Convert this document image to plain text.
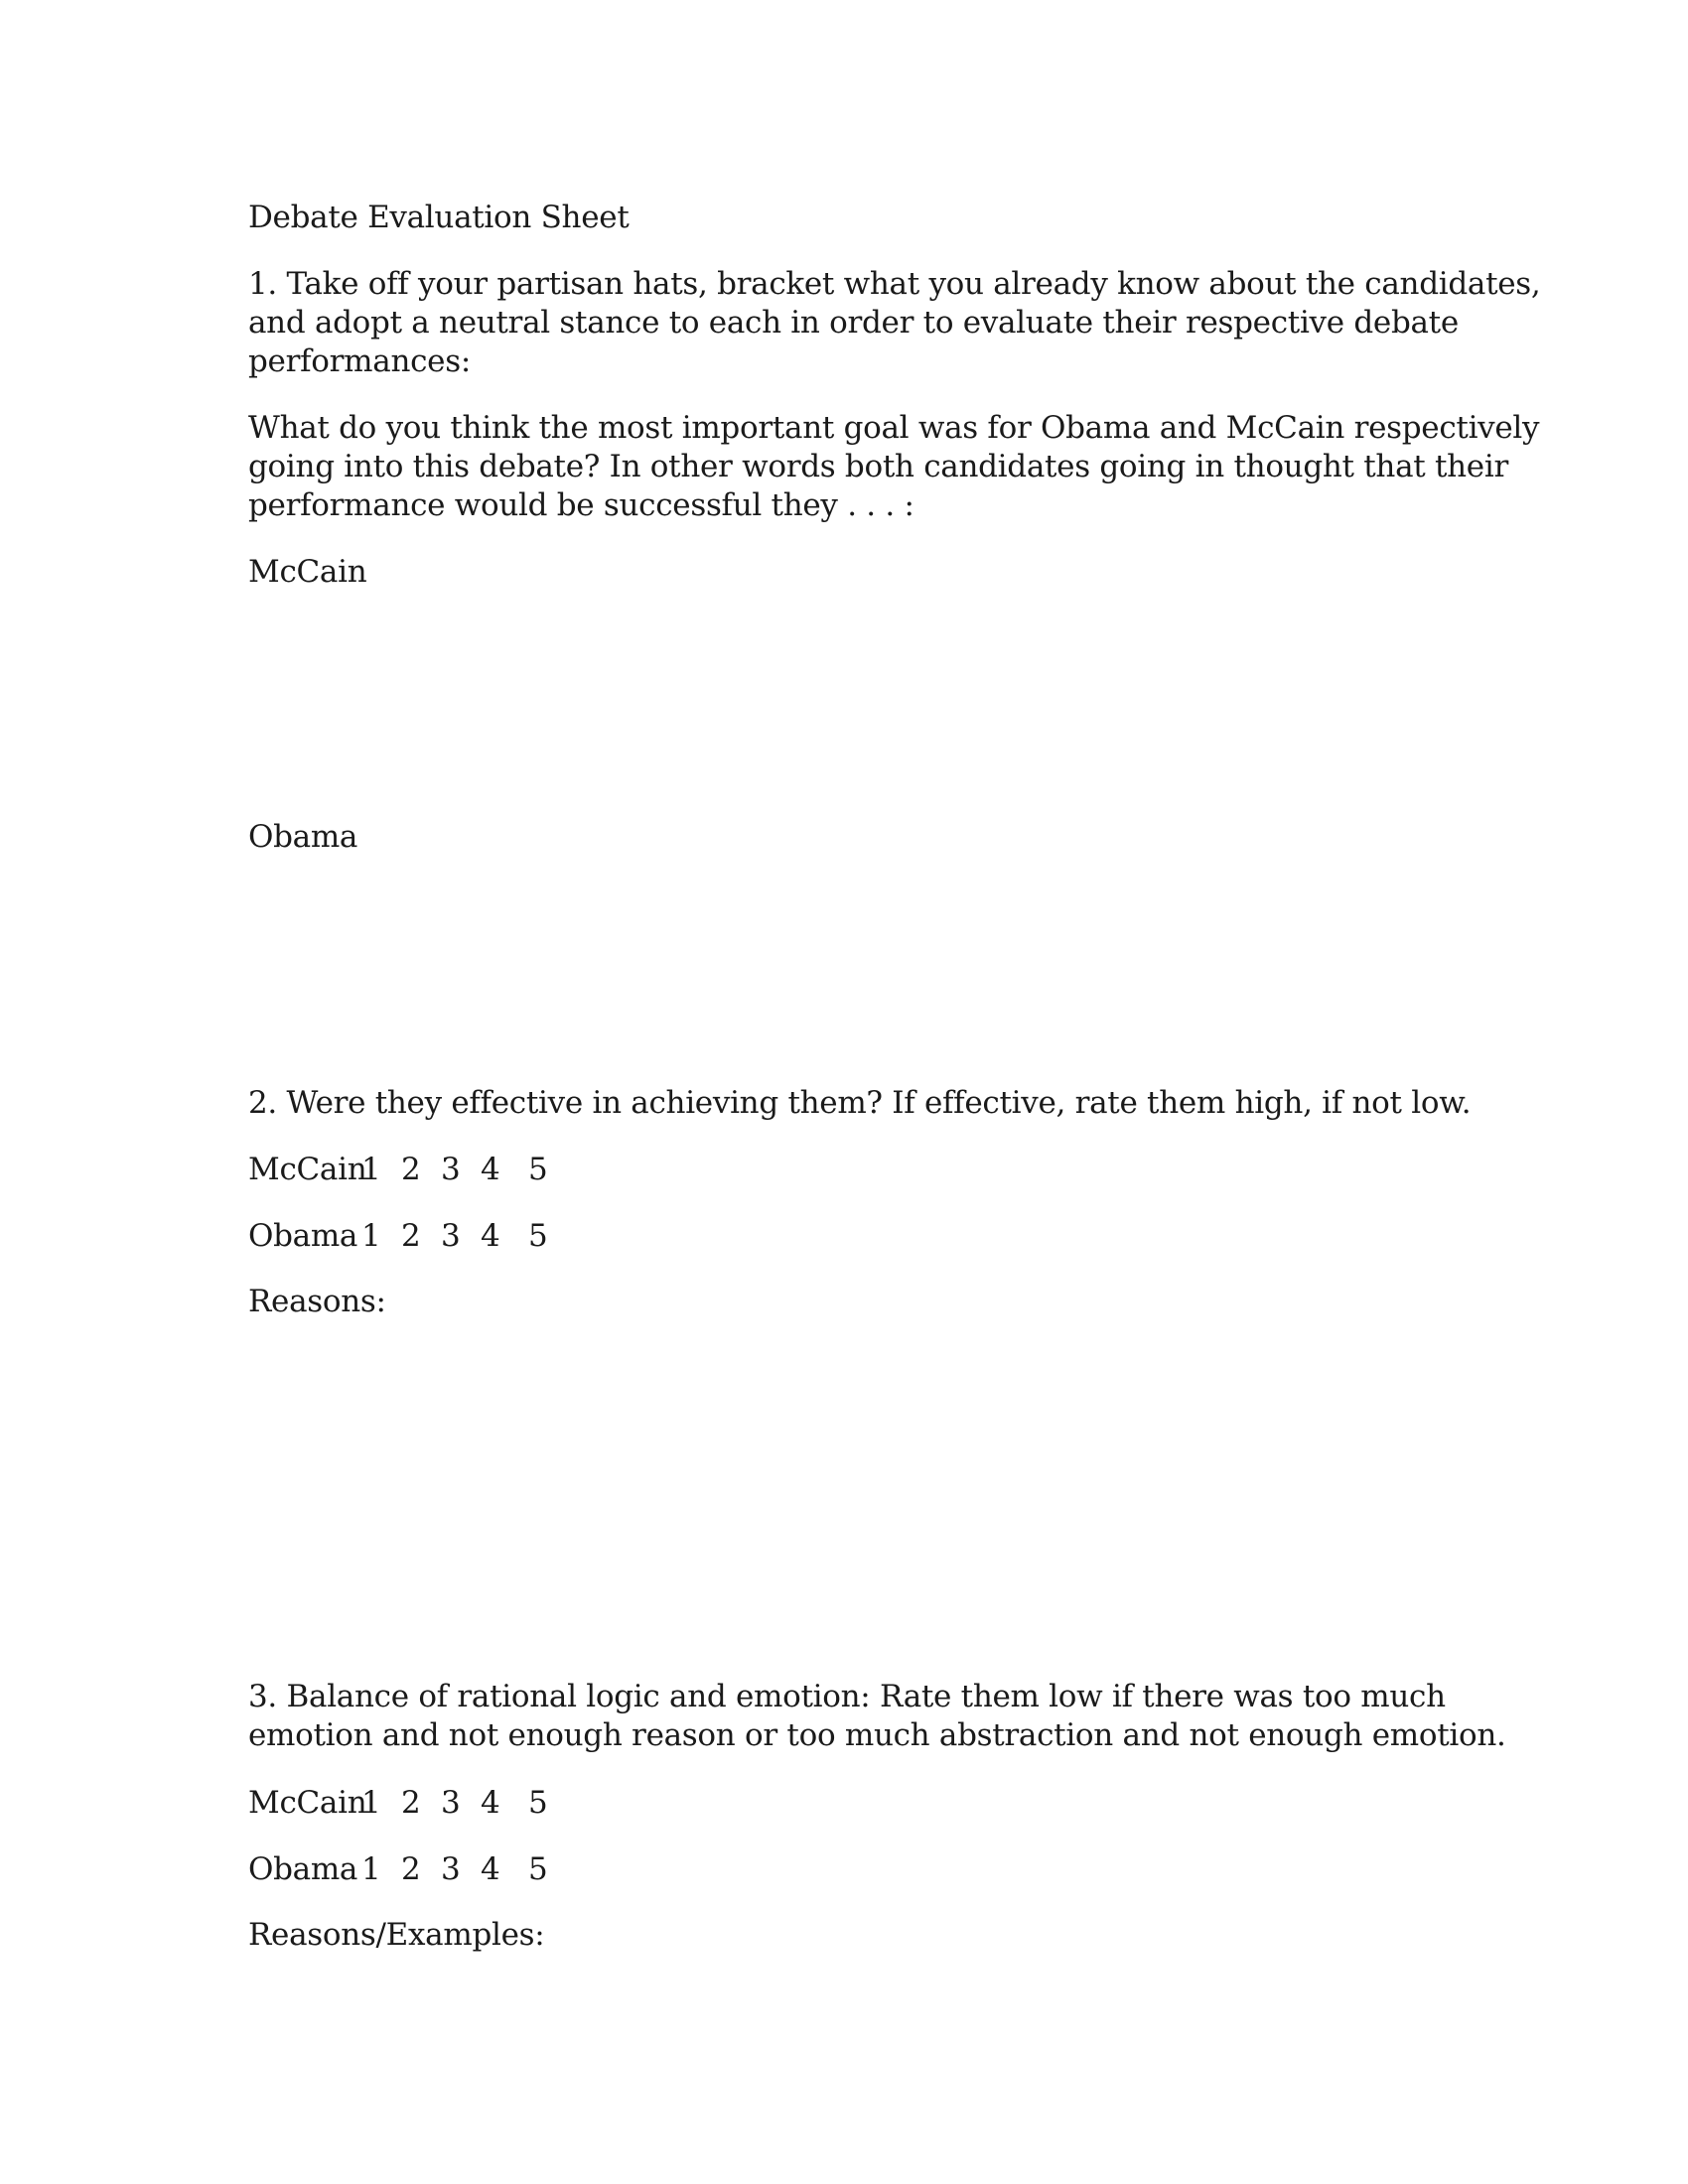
Debate Evaluation Sheet

1. Take off your partisan hats, bracket what you already know about the candidates,
and adopt a neutral stance to each in order to evaluate their respective debate
performances:
What do you think the most important goal was for Obama and McCain respectively
going into this debate? In other words both candidates going in thought that their
performance would be successful they . . . :

McCain

Obama

2. Were they effective in achieving them? If effective, rate them high, if not low.

McCain1 2 3 4 5

Obama 1 2 3 4 5

Reasons:

3. Balance of rational logic and emotion: Rate them low if there was too much
emotion and not enough reason or too much abstraction and not enough emotion.

McCain1 2 3 4 5

Obama 1 2 3 4 5

Reasons/Examples:
